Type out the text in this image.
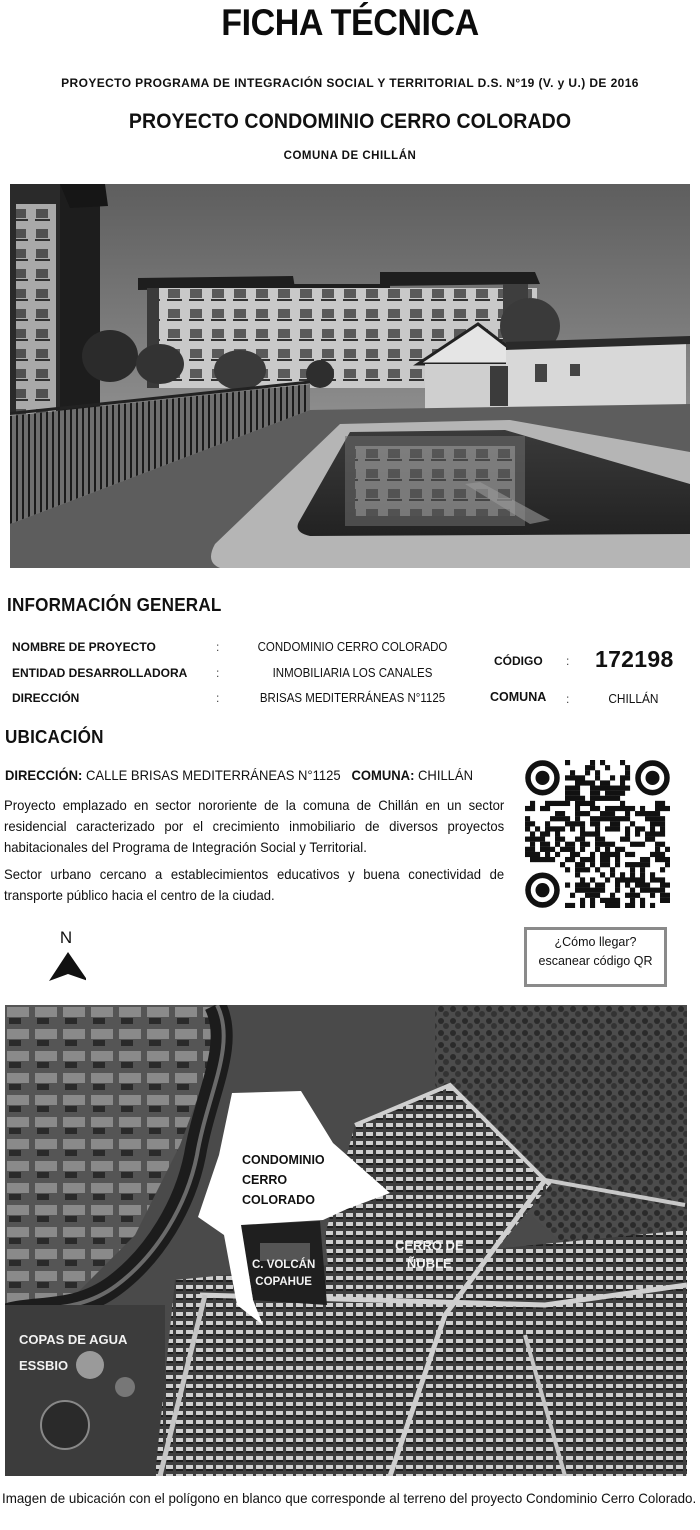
FICHA TÉCNICA
PROYECTO PROGRAMA DE INTEGRACIÓN SOCIAL Y TERRITORIAL D.S. N°19 (V. y U.) DE 2016
PROYECTO CONDOMINIO CERRO COLORADO
COMUNA DE CHILLÁN
INFORMACIÓN GENERAL
NOMBRE DE PROYECTO	:	CONDOMINIO CERRO COLORADO
ENTIDAD DESARROLLADORA :	INMOBILIARIA LOS CANALES
DIRECCIÓN	:	BRISAS MEDITERRÁNEAS N°1125
CÓDIGO : 172198
COMUNA :	CHILLÁN
UBICACIÓN
DIRECCIÓN: CALLE BRISAS MEDITERRÁNEAS N°1125 COMUNA: CHILLÁN
Proyecto emplazado en sector nororiente de la comuna de Chillán en un sector residencial caracterizado por el crecimiento inmobiliario de diversos proyectos habitacionales del Programa de Integración Social y Territorial.
Sector urbano cercano a establecimientos educativos y buena conectividad de transporte público hacia el centro de la ciudad.
¿Cómo llegar?
escanear código QR
N
CONDOMINIO
CERRO
COLORADO
C. VOLCÁN
COPAHUE
CERRO DE
ÑUBLE
COPAS DE AGUA
ESSBIO
Imagen de ubicación con el polígono en blanco que corresponde al terreno del proyecto Condominio Cerro Colorado.
